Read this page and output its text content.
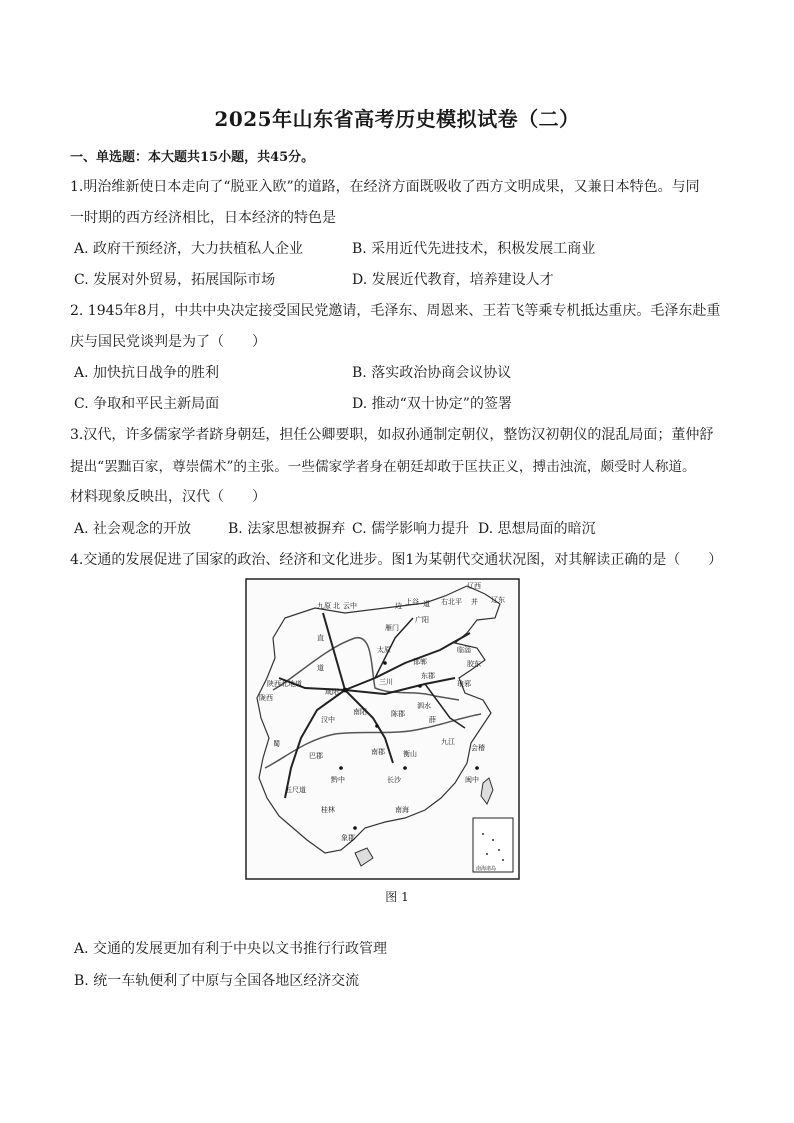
2025年山东省高考历史模拟试卷（二）
一、单选题：本大题共15小题，共45分。
1.明治维新使日本走向了“脱亚入欧”的道路，在经济方面既吸收了西方文明成果，又兼日本特色。与同
一时期的西方经济相比，日本经济的特色是
A. 政府干预经济，大力扶植私人企业	B. 采用近代先进技术，积极发展工商业
C. 发展对外贸易，拓展国际市场	D. 发展近代教育，培养建设人才
2. 1945年8月，中共中央决定接受国民党邀请，毛泽东、周恩来、王若飞等乘专机抵达重庆。毛泽东赴重
庆与国民党谈判是为了（　　）
A. 加快抗日战争的胜利	B. 落实政治协商会议协议
C. 争取和平民主新局面	D. 推动“双十协定”的签署
3.汉代，许多儒家学者跻身朝廷，担任公卿要职，如叔孙通制定朝仪，整饬汉初朝仪的混乱局面；董仲舒
提出“罢黜百家，尊崇儒术”的主张。一些儒家学者身在朝廷却敢于匡扶正义，搏击浊流，颇受时人称道。
材料现象反映出，汉代（　　）
A. 社会观念的开放	B. 法家思想被摒弃 C. 儒学影响力提升 D. 思想局面的暗沉
4.交通的发展促进了国家的政治、经济和文化进步。图1为某朝代交通状况图，对其解读正确的是（　　）
辽西
辽东
九原 北 云中	边 上谷 道 右北平 并
雁门
广阳
太原
直
道
邯郸
临淄
胶东
陕西北地道
陇西
咸阳
三川
东郡
琅邪
汉中
南阳	陈郡
泗水
薛
九江
会稽
蜀
巴郡	南郡	衡山
黔中	长沙	闽中
五尺道
桂林	南海
象郡
南海诸岛
图 1
A. 交通的发展更加有利于中央以文书推行行政管理
B. 统一车轨便利了中原与全国各地区经济交流
